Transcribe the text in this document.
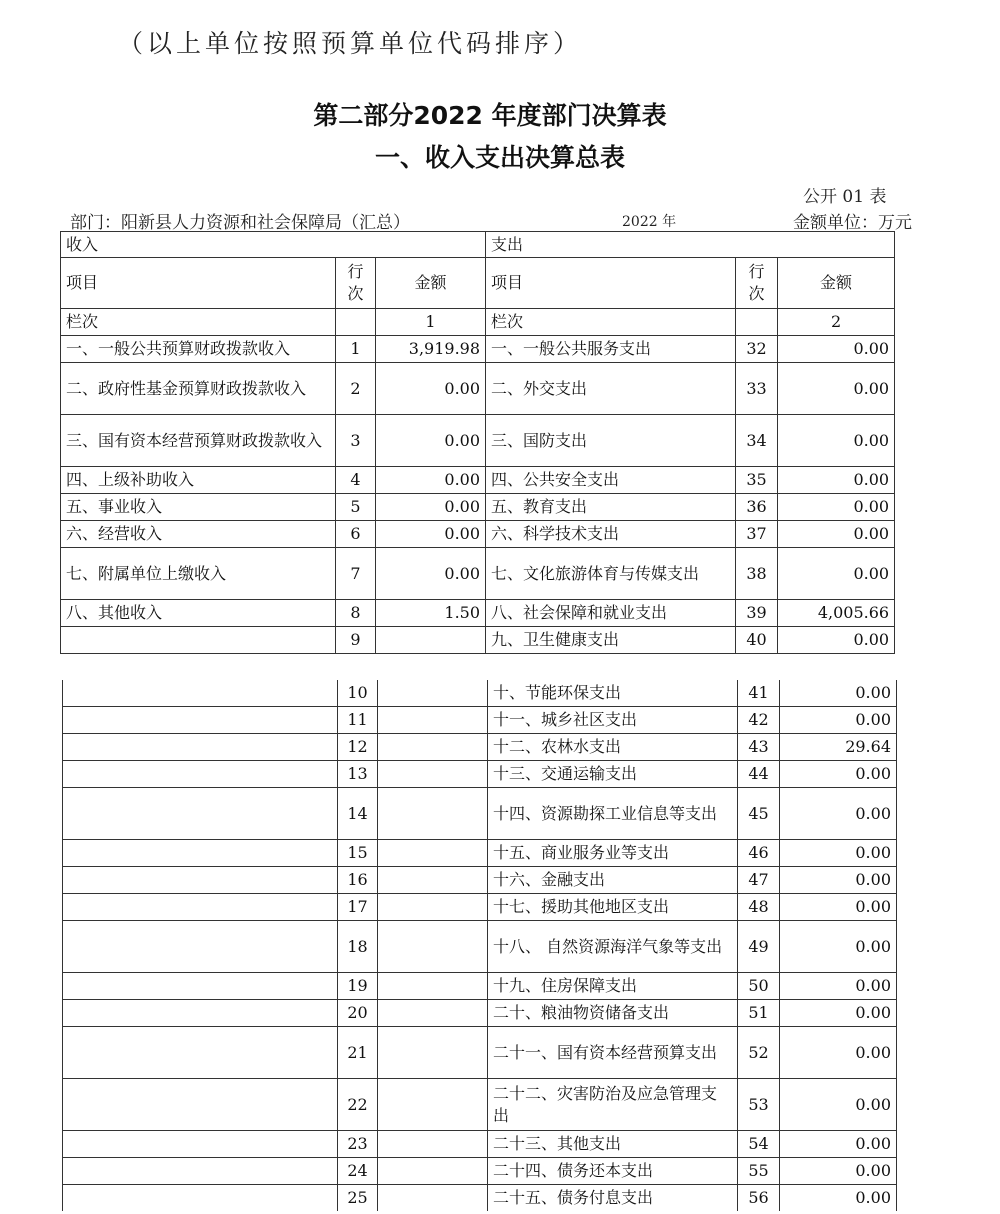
（以上单位按照预算单位代码排序）
第二部分2022 年度部门决算表
一、收入支出决算总表
公开 01 表
部门：阳新县人力资源和社会保障局（汇总）	2022 年	金额单位：万元
收入			支出		
项目	行次	金额	项目	行次	金额
栏次		1	栏次		2
一、一般公共预算财政拨款收入	1	3,919.98	一、一般公共服务支出	32	0.00
二、政府性基金预算财政拨款收入	2	0.00	二、外交支出	33	0.00
三、国有资本经营预算财政拨款收入	3	0.00	三、国防支出	34	0.00
四、上级补助收入	4	0.00	四、公共安全支出	35	0.00
五、事业收入	5	0.00	五、教育支出	36	0.00
六、经营收入	6	0.00	六、科学技术支出	37	0.00
七、附属单位上缴收入	7	0.00	七、文化旅游体育与传媒支出	38	0.00
八、其他收入	8	1.50	八、社会保障和就业支出	39	4,005.66
	9		九、卫生健康支出	40	0.00
	10		十、节能环保支出	41	0.00
	11		十一、城乡社区支出	42	0.00
	12		十二、农林水支出	43	29.64
	13		十三、交通运输支出	44	0.00
	14		十四、资源勘探工业信息等支出	45	0.00
	15		十五、商业服务业等支出	46	0.00
	16		十六、金融支出	47	0.00
	17		十七、援助其他地区支出	48	0.00
	18		十八、 自然资源海洋气象等支出	49	0.00
	19		十九、住房保障支出	50	0.00
	20		二十、粮油物资储备支出	51	0.00
	21		二十一、国有资本经营预算支出	52	0.00
	22		二十二、灾害防治及应急管理支出	53	0.00
	23		二十三、其他支出	54	0.00
	24		二十四、债务还本支出	55	0.00
	25		二十五、债务付息支出	56	0.00
